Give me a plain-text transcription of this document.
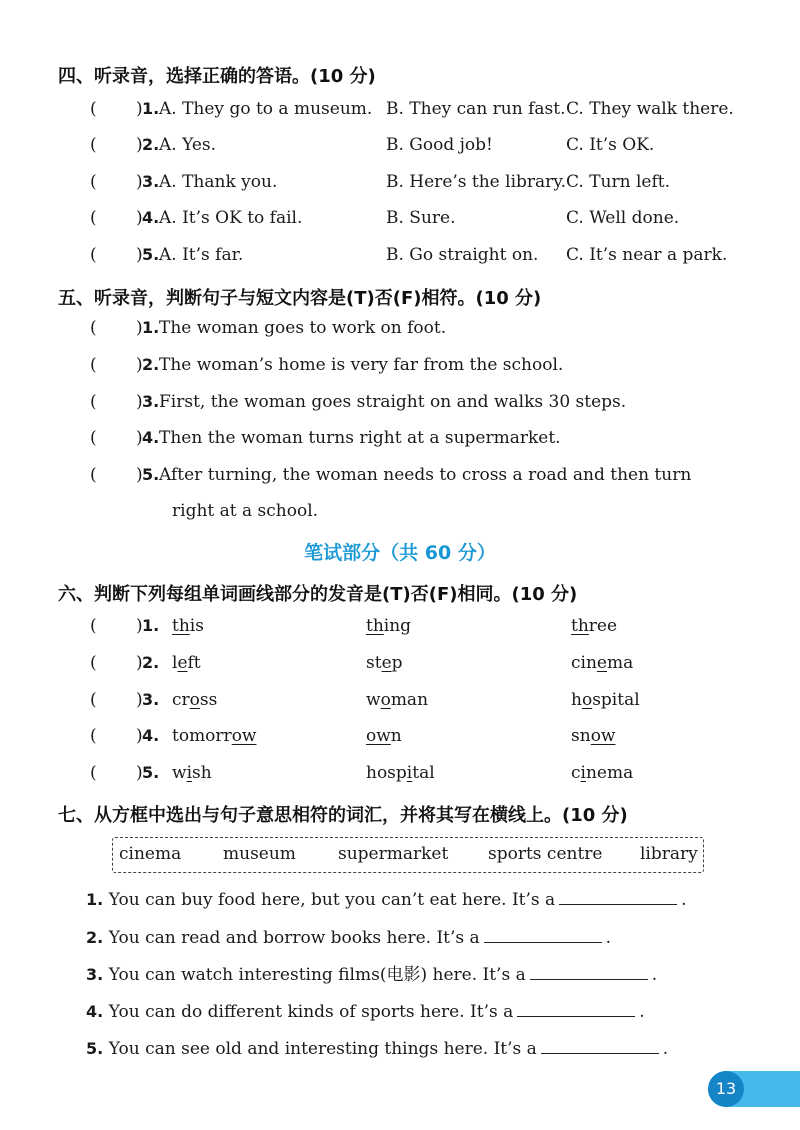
四、听录音，选择正确的答语。(10 分)
( ) 1. A. They go to a museum. B. They can run fast. C. They walk there.
( ) 2. A. Yes.	B. Good job!	C. It’s OK.
( ) 3. A. Thank you.	B. Here’s the library. C. Turn left.
( ) 4. A. It’s OK to fail.	B. Sure.	C. Well done.
( ) 5. A. It’s far.	B. Go straight on. C. It’s near a park.
五、听录音，判断句子与短文内容是(T)否(F)相符。(10 分)
( ) 1. The woman goes to work on foot.
( ) 2. The woman’s home is very far from the school.
( ) 3. First, the woman goes straight on and walks 30 steps.
( ) 4. Then the woman turns right at a supermarket.
( ) 5. After turning, the woman needs to cross a road and then turn
right at a school.
笔试部分（共 60 分）
六、判断下列每组单词画线部分的发音是(T)否(F)相同。(10 分)
( ) 1. this	thing	three
( ) 2. left	step	cinema
( ) 3. cross	woman	hospital
( ) 4. tomorrow	own	snow
( ) 5. wish	hospital	cinema
七、从方框中选出与句子意思相符的词汇，并将其写在横线上。(10 分)
cinema museum supermarket sports centre library
1. You can buy food here, but you can’t eat here. It’s a	.
2. You can read and borrow books here. It’s a	.
3. You can watch interesting films(电影) here. It’s a	.
4. You can do different kinds of sports here. It’s a	.
5. You can see old and interesting things here. It’s a	.
13
